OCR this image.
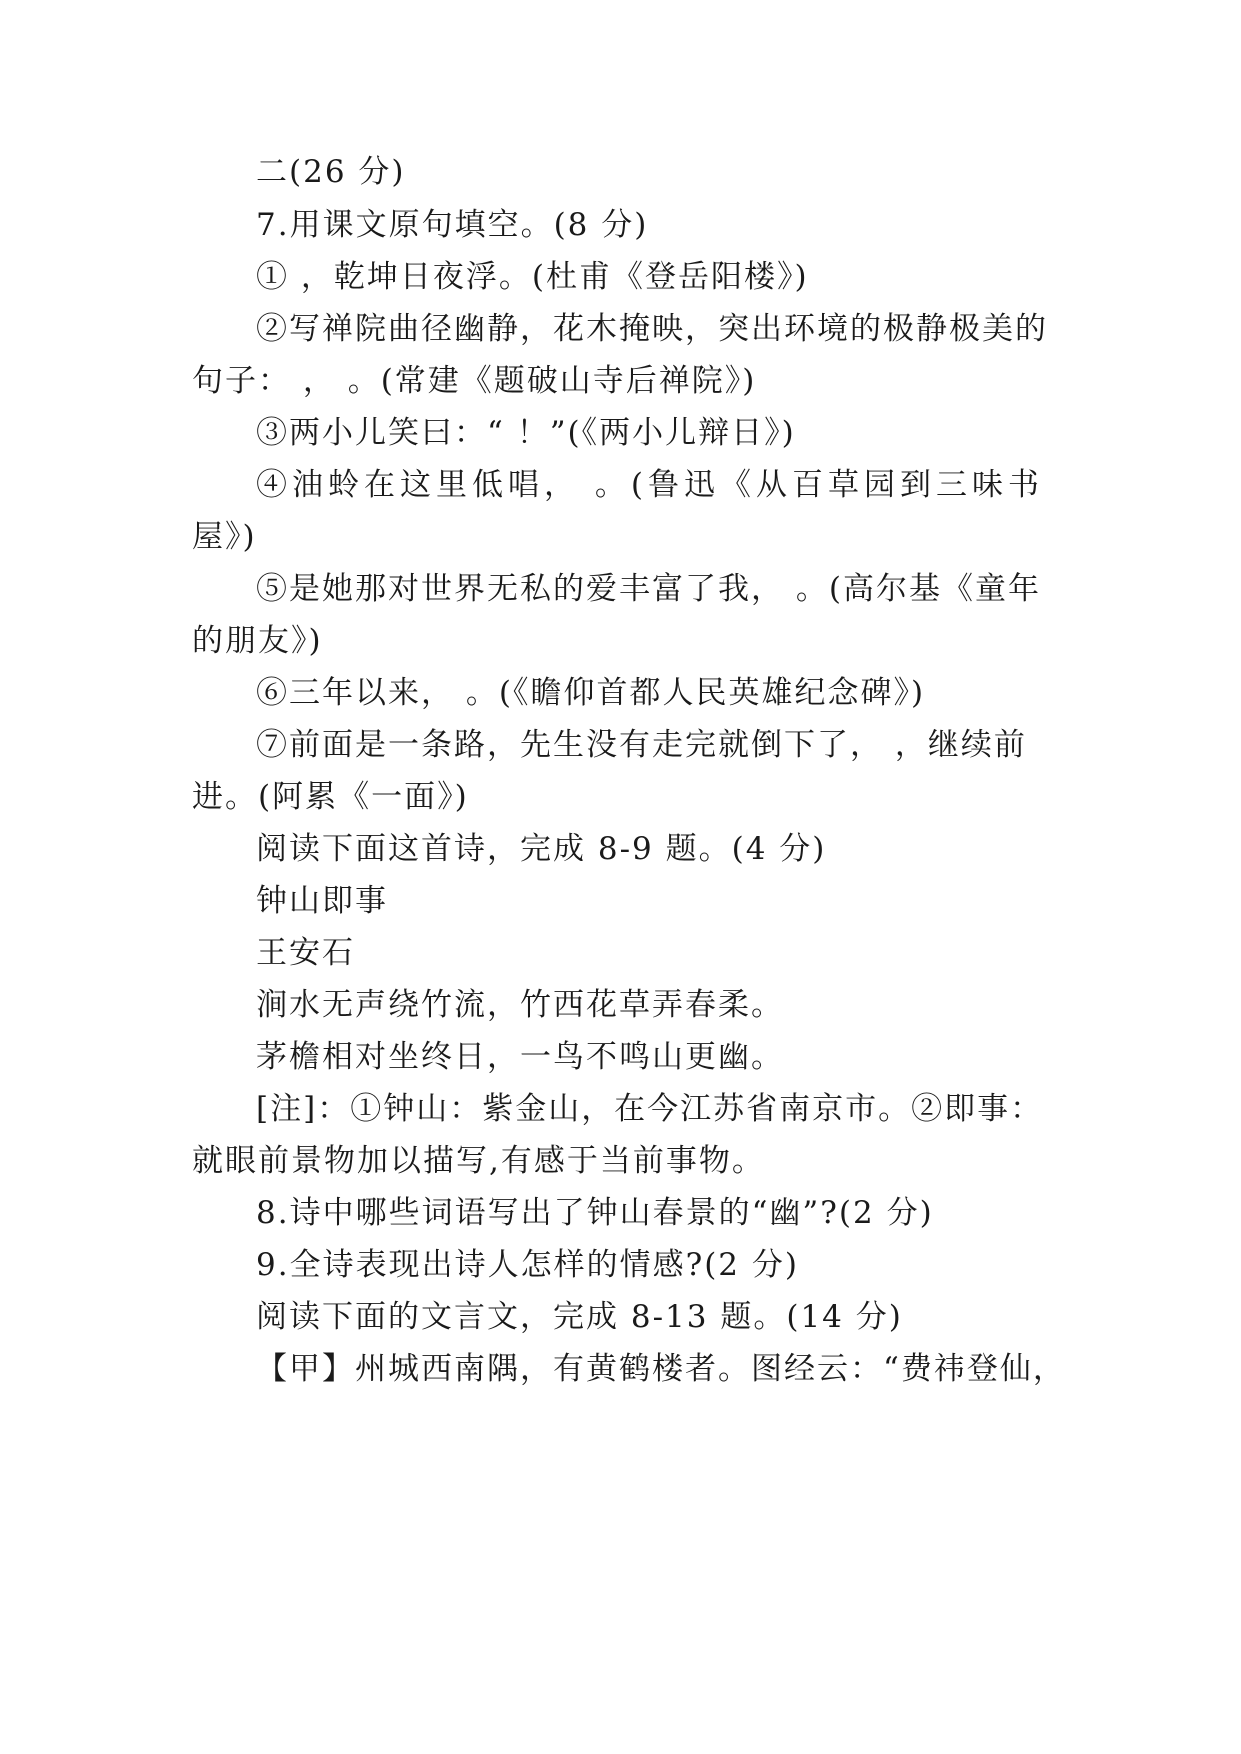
二(26 分)

7.用课文原句填空。(8 分)

① ，乾坤日夜浮。(杜甫《登岳阳楼》)

②写禅院曲径幽静，花木掩映，突出环境的极静极美的

句子： ， 。(常建《题破山寺后禅院》)

③两小儿笑曰：“ ！”(《两小儿辩日》)

④油蛉在这里低唱， 。(鲁迅《从百草园到三味书

屋》)

⑤是她那对世界无私的爱丰富了我， 。(高尔基《童年

的朋友》)

⑥三年以来， 。(《瞻仰首都人民英雄纪念碑》)

⑦前面是一条路，先生没有走完就倒下了， ，继续前

进。(阿累《一面》)

阅读下面这首诗，完成 8-9 题。(4 分)

钟山即事

王安石

涧水无声绕竹流，竹西花草弄春柔。

茅檐相对坐终日，一鸟不鸣山更幽。

[注]：①钟山：紫金山，在今江苏省南京市。②即事：

就眼前景物加以描写,有感于当前事物。

8.诗中哪些词语写出了钟山春景的“幽”?(2 分)

9.全诗表现出诗人怎样的情感?(2 分)

阅读下面的文言文，完成 8-13 题。(14 分)

【甲】州城西南隅，有黄鹤楼者。图经云：“费祎登仙，
